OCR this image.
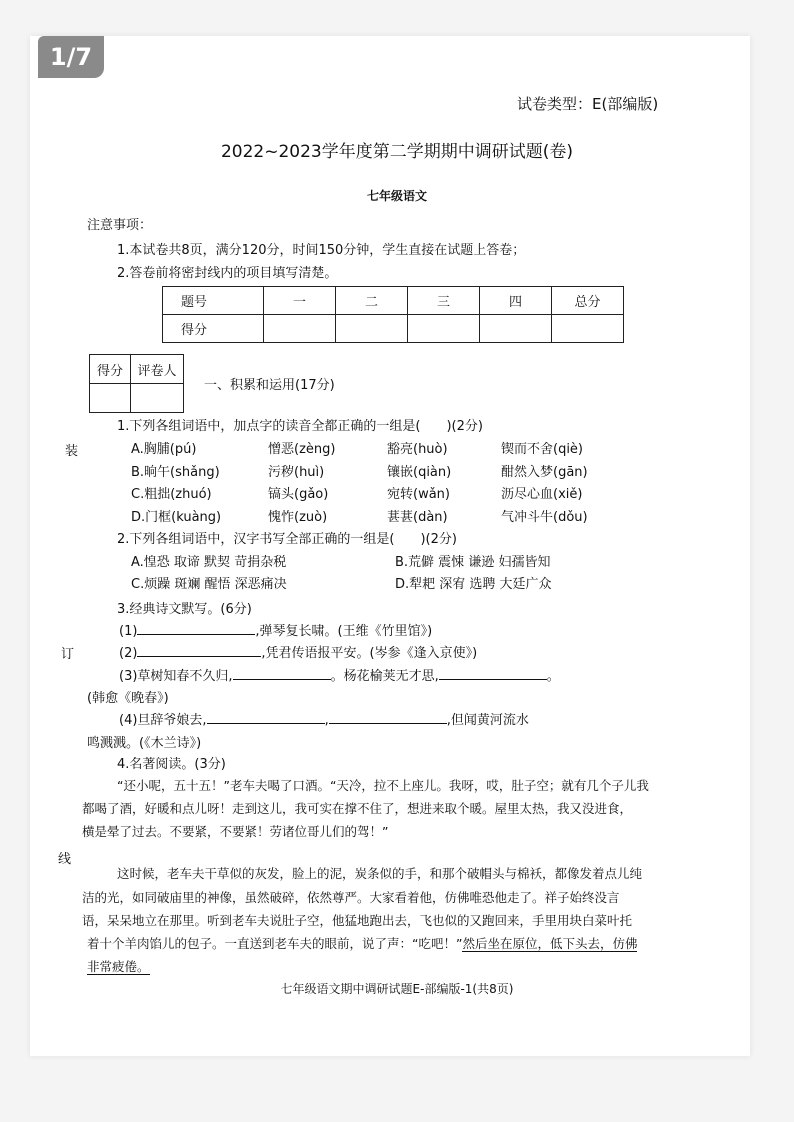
1/7
试卷类型：E(部编版)
2022~2023学年度第二学期期中调研试题(卷)
七年级语文
注意事项：
1.本试卷共8页，满分120分，时间150分钟，学生直接在试题上答卷；
2.答卷前将密封线内的项目填写清楚。
题号	一	二	三	四	总分
得分					
得分	评卷人

一、积累和运用(17分)
装
订
线
1.下列各组词语中，加点字的读音全都正确的一组是(　　)(2分)
A.胸脯(pú)	憎恶(zèng)	豁亮(huò)	锲而不舍(qiè)
B.晌午(shǎng)	污秽(huì)	镶嵌(qiàn)	酣然入梦(gān)
C.粗拙(zhuó)	镐头(gǎo)	宛转(wǎn)	沥尽心血(xiě)
D.门框(kuàng)	愧怍(zuò)	葚葚(dàn)	气冲斗牛(dǒu)
2.下列各组词语中，汉字书写全部正确的一组是(　　)(2分)
A.惶恐 取谛 默契 苛捐杂税	B.荒僻 震悚 谦逊 妇孺皆知
C.烦躁 斑斓 醒悟 深恶痛决	D.犁耙 深宥 选聘 大廷广众
3.经典诗文默写。(6分)
(1)	,弹琴复长啸。(王维《竹里馆》)
(2)	,凭君传语报平安。(岑参《逢入京使》)
(3)草树知春不久归,	。杨花榆荚无才思,	。
(韩愈《晚春》)
(4)旦辞爷娘去,	,	,但闻黄河流水
鸣溅溅。(《木兰诗》)
4.名著阅读。(3分)
“还小呢，五十五！”老车夫喝了口酒。“天冷，拉不上座儿。我呀，哎，肚子空；就有几个子儿我
都喝了酒，好暖和点儿呀！走到这儿，我可实在撑不住了，想进来取个暖。屋里太热，我又没进食，
横是晕了过去。不要紧，不要紧！劳诸位哥儿们的驾！”
这时候，老车夫干草似的灰发，脸上的泥，炭条似的手，和那个破帽头与棉袄，都像发着点儿纯
洁的光，如同破庙里的神像，虽然破碎，依然尊严。大家看着他，仿佛唯恐他走了。祥子始终没言
语，呆呆地立在那里。听到老车夫说肚子空，他猛地跑出去，飞也似的又跑回来，手里用块白菜叶托
着十个羊肉馅儿的包子。一直送到老车夫的眼前，说了声：“吃吧！”然后坐在原位，低下头去，仿佛
非常疲倦。
七年级语文期中调研试题E-部编版-1(共8页)
